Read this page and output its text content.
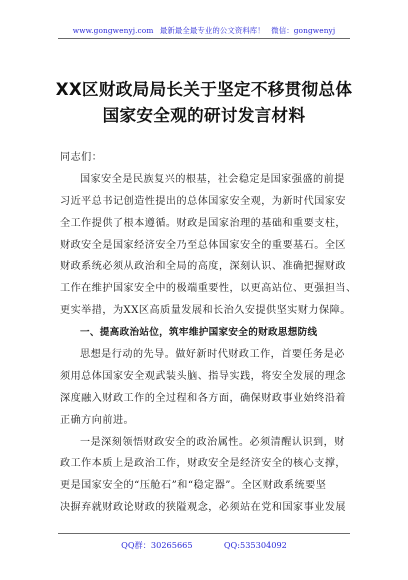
www.gongwenyj.com 最新最全最专业的公文资料库！ 微信：gongwenyj
XX区财政局局长关于坚定不移贯彻总体
国家安全观的研讨发言材料
同志们：
国家安全是民族复兴的根基，社会稳定是国家强盛的前提
习近平总书记创造性提出的总体国家安全观，为新时代国家安
全工作提供了根本遵循。财政是国家治理的基础和重要支柱，
财政安全是国家经济安全乃至总体国家安全的重要基石。全区
财政系统必须从政治和全局的高度，深刻认识、准确把握财政
工作在维护国家安全中的极端重要性，以更高站位、更强担当、
更实举措，为XX区高质量发展和长治久安提供坚实财力保障。
一、提高政治站位，筑牢维护国家安全的财政思想防线
思想是行动的先导。做好新时代财政工作，首要任务是必
须用总体国家安全观武装头脑、指导实践，将安全发展的理念
深度融入财政工作的全过程和各方面，确保财政事业始终沿着
正确方向前进。
一是深刻领悟财政安全的政治属性。必须清醒认识到，财
政工作本质上是政治工作，财政安全是经济安全的核心支撑，
更是国家安全的“压舱石”和“稳定器”。全区财政系统要坚
决摒弃就财政论财政的狭隘观念，必须站在党和国家事业发展
QQ群：30265665	QQ:535304092
